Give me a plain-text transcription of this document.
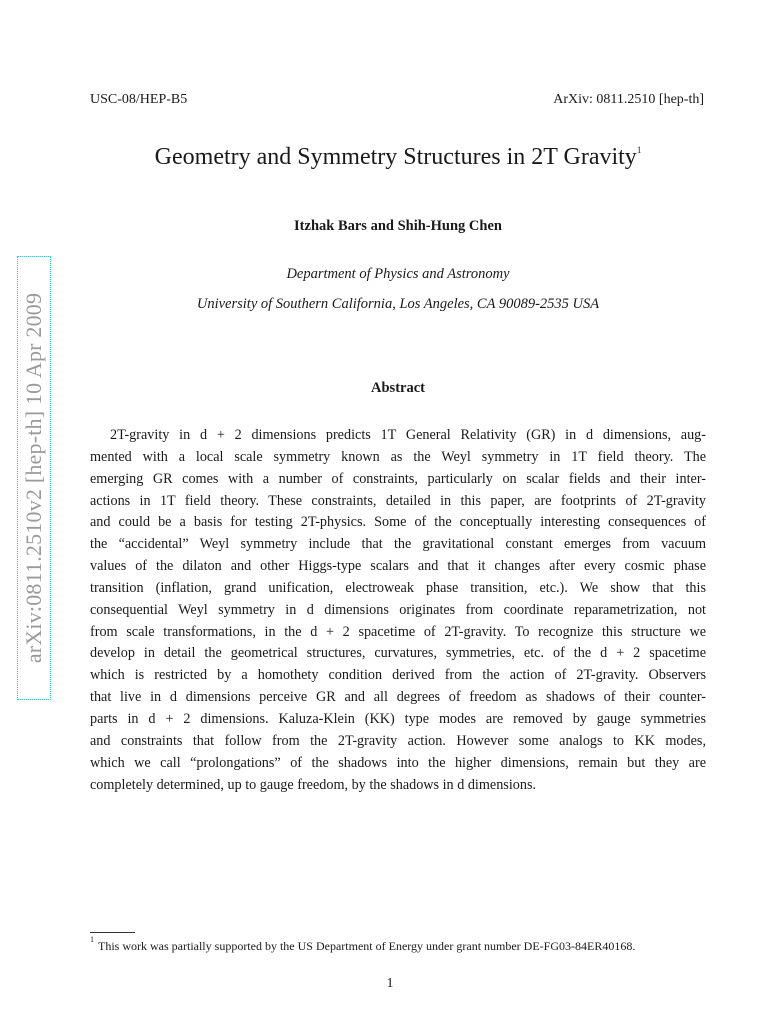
USC-08/HEP-B5	ArXiv: 0811.2510 [hep-th]
Geometry and Symmetry Structures in 2T Gravity$^1$
Itzhak Bars and Shih-Hung Chen
Department of Physics and Astronomy
University of Southern California, Los Angeles, CA 90089-2535 USA
Abstract
2T-gravity in d + 2 dimensions predicts 1T General Relativity (GR) in d dimensions, aug-
mented with a local scale symmetry known as the Weyl symmetry in 1T field theory. The
emerging GR comes with a number of constraints, particularly on scalar fields and their inter-
actions in 1T field theory. These constraints, detailed in this paper, are footprints of 2T-gravity
and could be a basis for testing 2T-physics. Some of the conceptually interesting consequences of
the “accidental” Weyl symmetry include that the gravitational constant emerges from vacuum
values of the dilaton and other Higgs-type scalars and that it changes after every cosmic phase
transition (inflation, grand unification, electroweak phase transition, etc.). We show that this
consequential Weyl symmetry in d dimensions originates from coordinate reparametrization, not
from scale transformations, in the d + 2 spacetime of 2T-gravity. To recognize this structure we
develop in detail the geometrical structures, curvatures, symmetries, etc. of the d + 2 spacetime
which is restricted by a homothety condition derived from the action of 2T-gravity. Observers
that live in d dimensions perceive GR and all degrees of freedom as shadows of their counter-
parts in d + 2 dimensions. Kaluza-Klein (KK) type modes are removed by gauge symmetries
and constraints that follow from the 2T-gravity action. However some analogs to KK modes,
which we call “prolongations” of the shadows into the higher dimensions, remain but they are
completely determined, up to gauge freedom, by the shadows in d dimensions.
$^1$ This work was partially supported by the US Department of Energy under grant number DE-FG03-84ER40168.
1
arXiv:0811.2510v2 [hep-th] 10 Apr 2009
